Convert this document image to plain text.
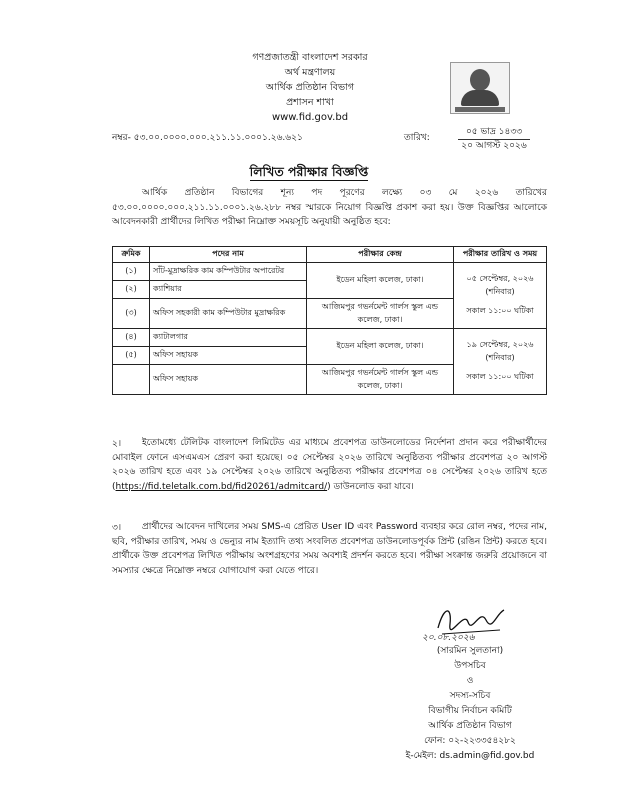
গণপ্রজাতন্ত্রী বাংলাদেশ সরকার
অর্থ মন্ত্রণালয়
আর্থিক প্রতিষ্ঠান বিভাগ
প্রশাসন শাখা
www.fid.gov.bd
নম্বর- ৫৩.০০.০০০০.০০০.২১১.১১.০০০১.২৬.৬২১	তারিখ:
০৫ ভাদ্র ১৪৩৩
২০ আগস্ট ২০২৬
লিখিত পরীক্ষার বিজ্ঞপ্তি
আর্থিক প্রতিষ্ঠান বিভাগের শূন্য পদ পূরণের লক্ষ্যে ০৩ মে ২০২৬ তারিখের ৫৩.০০.০০০০.০০০.২১১.১১.০০০১.২৬.২৮৮ নম্বর স্মারকে নিয়োগ বিজ্ঞপ্তি প্রকাশ করা হয়। উক্ত বিজ্ঞপ্তির আলোকে আবেদনকারী প্রার্থীদের লিখিত পরীক্ষা নিম্নোক্ত সময়সূচি অনুযায়ী অনুষ্ঠিত হবে:
ক্রমিক	পদের নাম	পরীক্ষার কেন্দ্র	পরীক্ষার তারিখ ও সময়
(১)	সাঁট-মুদ্রাক্ষরিক কাম কম্পিউটার অপারেটর	ইডেন মহিলা কলেজ, ঢাকা।	০৫ সেপ্টেম্বর, ২০২৬
(শনিবার)
সকাল ১১:০০ ঘটিকা

(২)	ক্যাশিয়ার		
(৩)	অফিস সহকারী কাম কম্পিউটার মুদ্রাক্ষরিক	আজিমপুর গভর্নমেন্ট গার্লস স্কুল এন্ড কলেজ, ঢাকা।	
(৪)	ক্যাটালগার	ইডেন মহিলা কলেজ, ঢাকা।	১৯ সেপ্টেম্বর, ২০২৬
(শনিবার)
সকাল ১১:০০ ঘটিকা

(৫)	অফিস সহায়ক		
	অফিস সহায়ক	আজিমপুর গভর্নমেন্ট গার্লস স্কুল এন্ড কলেজ, ঢাকা।	
২।	ইতোমধ্যে টেলিটক বাংলাদেশ লিমিটেড এর মাধ্যমে প্রবেশপত্র ডাউনলোডের নির্দেশনা প্রদান করে পরীক্ষার্থীদের মোবাইল ফোনে এসএমএস প্রেরণ করা হয়েছে। ০৫ সেপ্টেম্বর ২০২৬ তারিখে অনুষ্ঠিতব্য পরীক্ষার প্রবেশপত্র ২০ আগস্ট ২০২৬ তারিখ হতে এবং ১৯ সেপ্টেম্বর ২০২৬ তারিখে অনুষ্ঠিতব্য পরীক্ষার প্রবেশপত্র ০৪ সেপ্টেম্বর ২০২৬ তারিখ হতে (https://fid.teletalk.com.bd/fid20261/admitcard/) ডাউনলোড করা যাবে।
৩।	প্রার্থীদের আবেদন দাখিলের সময় SMS-এ প্রেরিত User ID এবং Password ব্যবহার করে রোল নম্বর, পদের নাম, ছবি, পরীক্ষার তারিখ, সময় ও ভেন্যুর নাম ইত্যাদি তথ্য সংবলিত প্রবেশপত্র ডাউনলোডপূর্বক প্রিন্ট (রঙিন প্রিন্ট) করতে হবে। প্রার্থীকে উক্ত প্রবেশপত্র লিখিত পরীক্ষায় অংশগ্রহণের সময় অবশ্যই প্রদর্শন করতে হবে। পরীক্ষা সংক্রান্ত জরুরি প্রয়োজনে বা সমস্যার ক্ষেত্রে নিম্নোক্ত নম্বরে যোগাযোগ করা যেতে পারে।
২০.০৮.২০২৬
(সারমিন সুলতানা)
উপসচিব
ও
সদস্য-সচিব
বিভাগীয় নির্বাচন কমিটি
আর্থিক প্রতিষ্ঠান বিভাগ
ফোন: ০২-২২৩৩৫৪২৮২
ই-মেইল: ds.admin@fid.gov.bd
